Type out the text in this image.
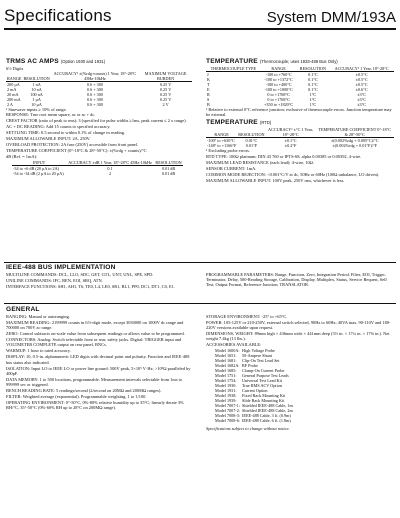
Specifications	System DMM/193A
TRMS AC AMPS (Option 1930 and 1931)
6½ Digits
RANGE	RESOLUTION	ACCURACY¹ ±(%rdg+counts) 1 Year, 18°-28°C 45Hz-10kHz	MAXIMUM VOLTAGE BURDEN
200 µA	1 nA	0.6 + 300	0.25 V
2 mA	10 nA	0.6 + 300	0.25 V
20 mA	100 nA	0.6 + 300	0.25 V
200 mA	1 µA	0.6 + 300	0.25 V
2 A	10 µA	0.6 + 300	2 V
¹ Sinewave inputs ≥ 10% of range.

RESPONSE: True root mean square, ac or ac + dc.

CREST FACTOR (ratio of peak to rms): 3 (specified for pulse widths ≥1ms, peak current ≤ 2 x range).

AC + DC READING: Add 15 counts to specified accuracy.

SETTLING TIME: 0.5 second to within 0.1% of change in reading.

MAXIMUM ALLOWABLE INPUT: 2A, 250V.

OVERLOAD PROTECTION: 2A fuse (250V) accessible from front panel.

TEMPERATURE COEFFICIENT (0°-18°C & 28°-50°C): ±(%rdg + counts)/°C

dB (Ref. = 1mA):

INPUT	ACCURACY ±dB 1 Year, 18°-28°C 45Hz-10kHz	RESOLUTION
-34 to +6 dB (20 µA to 2A)	0.1	0.01 dB
-54 to -34 dB (2 µA to 20 µA)	2	0.01 dB
TEMPERATURE (Thermocouple; uses 1933-488 Bus Only)
THERMOCOUPLE TYPE	RANGE	RESOLUTION	ACCURACY¹ 1 Year, 18°-28°C
J	-100 to +760°C	0.1°C	±0.5°C
K	-100 to +1372°C	0.1°C	±0.5°C
T	-100 to +400°C	0.1°C	±0.5°C
E	-100 to +1000°C	0.1°C	±0.6°C
R	0 to +1768°C	1°C	±3°C
S	0 to +1768°C	1°C	±3°C
B	+350 to +1820°C	1°C	±3°C
¹ Relative to external 0°C reference junction; exclusive of thermocouple errors. Junction temperature may be external.
TEMPERATURE (RTD)
RANGE	RESOLUTION	ACCURACY¹ ±°C 1 Year, 18°-28°C	TEMPERATURE COEFFICIENT 0°-18°C & 28°-50°C
-100° to +630°C	0.01°C	±0.1°C	±(0.002%rdg + 0.005°C)/°C
-148° to +1166°F	0.01°F	±0.2°F	±(0.002%rdg + 0.01°F)/°F
¹ Excluding probe errors.

RTD TYPE: 100Ω platinum; DIN 43 760 or IPTS-68, alpha 0.00385 or 0.00392, 4-wire.

MAXIMUM LEAD RESISTANCE (each lead): 4-wire, 10Ω.

SENSOR CURRENT: 1mA.

COMMON MODE REJECTION: <0.001°C/V at dc, 50Hz or 60Hz (100Ω unbalance, LO driven).

MAXIMUM ALLOWABLE INPUT: 100V peak, 250V rms, whichever is less.

IEEE-488 BUS IMPLEMENTATION

MULTILINE COMMANDS: DCL, LLO, SDC, GET, GTL, UNT, UNL, SPE, SPD.

UNILINE COMMANDS: IFC, REN, EOI, SRQ, ATN.

INTERFACE FUNCTIONS: SH1, AH1, T6, TE0, L4, LE0, SR1, RL1, PP0, DC1, DT1, C0, E1.

PROGRAMMABLE PARAMETERS: Range, Function, Zero, Integration Period, Filter, EOI, Trigger, Terminator, Delay, 500-Reading Storage, Calibration, Display, Multiplex, Status, Service Request, Self Test, Output Format, Reference Junction, TRANSLATOR.

GENERAL

RANGING: Manual or autoranging.

MAXIMUM READING: 2199999 counts in 6½-digit mode, except 3030000 on 1000V dc range and 700000 on 700V ac range.

ZERO: Control subtracts on-scale value from subsequent readings or allows value to be programmed.

CONNECTORS: Analog: Switch selectable front or rear, safety jacks. Digital: TRIGGER input and VOLTMETER COMPLETE output on rear panel, BNCs.

WARMUP: 1 hour to rated accuracy.

DISPLAY: 10, 0.5-in. alphanumeric LED digits with decimal point and polarity. Function and IEEE-488 bus status also indicated.

ISOLATION: Input LO to IEEE LO or power line ground: 500V peak, 5×10⁵ V·Hz; >10⁹Ω paralleled by 400pF.

DATA MEMORY: 1 to 500 locations, programmable. Measurement intervals selectable from 1ms to 999999 sec or triggered.

BENCH READING RATE: 5 readings/second (2/second on 20MΩ and 200MΩ ranges).

FILTER: Weighted average (exponential). Programmable weighting, 1 to 1/100.

OPERATING ENVIRONMENT: 0°-50°C, 0%-80% relative humidity up to 35°C; linearly derate 3% RH/°C, 35°-50°C (0%-60% RH up to 28°C on 200MΩ range).

STORAGE ENVIRONMENT: -25° to +65°C.

POWER: 105-125V or 210-250V, external switch selected, 90Hz to 60Hz; 40VA max. 90-110V and 180-220V versions available upon request.

DIMENSIONS, WEIGHT: 89mm high × 436mm wide × 441mm deep (3½ in. × 17¼ in. × 17⅜ in.). Net weight 7.4kg (13 lbs.).

ACCESSORIES AVAILABLE:

Model 1600A:	High Voltage Probe
Model 1651:	50-Ampere Shunt
Model 1681:	Clip-On Test Lead Set
Model 1682A:	RF Probe
Model 1685:	Clamp-On Current Probe
Model 1751:	General Purpose Test Leads
Model 1754:	Universal Test Lead Kit
Model 1930:	True RMS ACV Option
Model 1931:	Current Option
Model 1938:	Fixed Rack Mounting Kit
Model 1939:	Slide Rack Mounting Kit
Model 7007-1:	Shielded IEEE-488 Cable, 1m
Model 7007-2:	Shielded IEEE-488 Cable, 2m
Model 7008-3:	IEEE-488 Cable, 3 ft. (0.9m)
Model 7008-6:	IEEE-488 Cable, 6 ft. (1.8m)
Specifications subject to change without notice.
